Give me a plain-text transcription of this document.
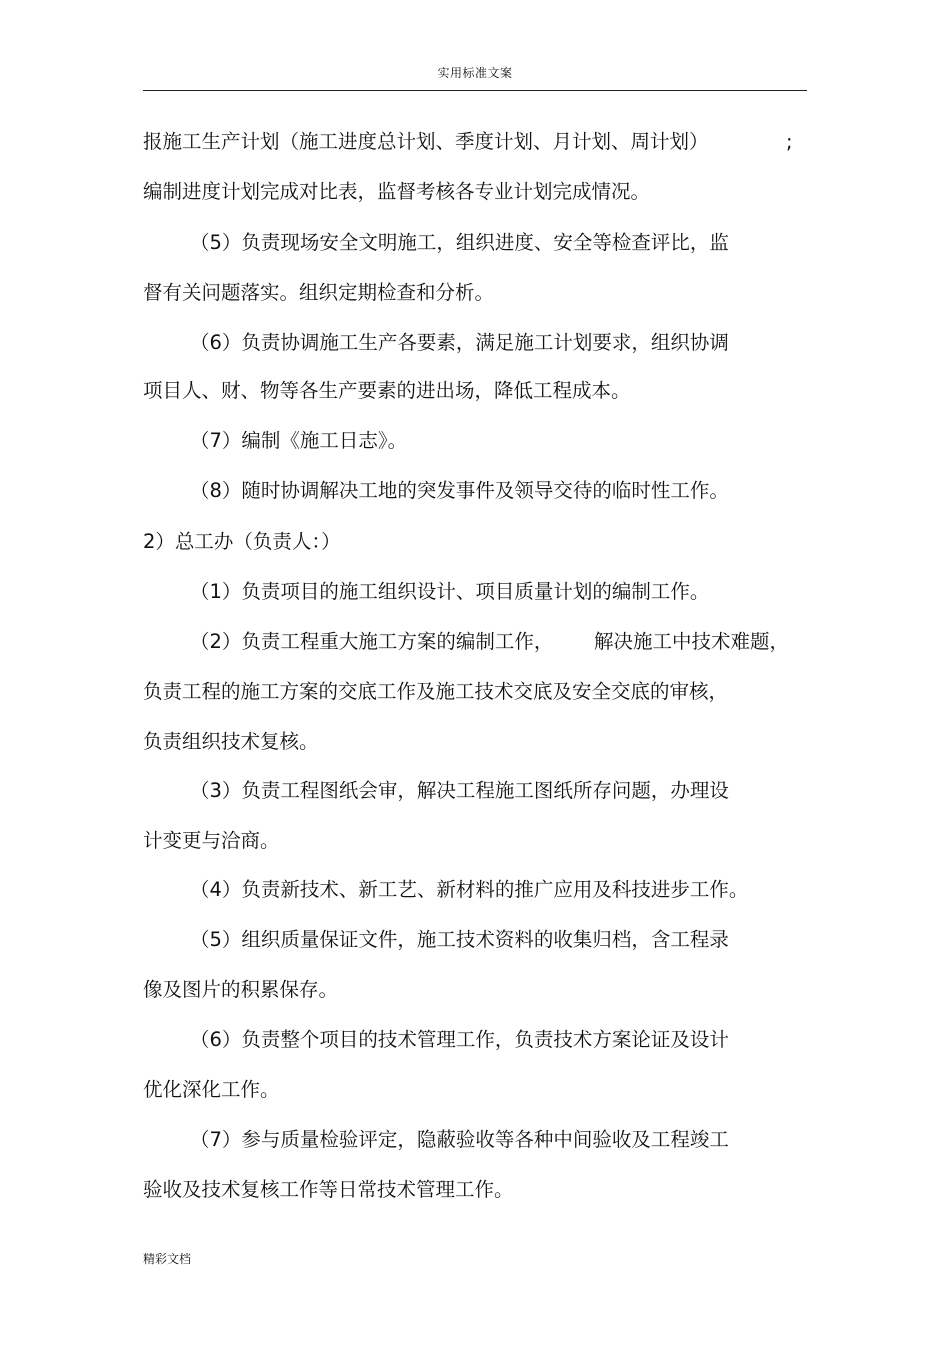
实用标准文案
报施工生产计划（施工进度总计划、季度计划、月计划、周计划）	;
编制进度计划完成对比表，监督考核各专业计划完成情况。
（5）负责现场安全文明施工，组织进度、安全等检查评比，监
督有关问题落实。组织定期检查和分析。
（6）负责协调施工生产各要素，满足施工计划要求，组织协调
项目人、财、物等各生产要素的进出场，降低工程成本。
（7）编制《施工日志》。
（8）随时协调解决工地的突发事件及领导交待的临时性工作。
2）总工办（负责人：）
（1）负责项目的施工组织设计、项目质量计划的编制工作。
（2）负责工程重大施工方案的编制工作， 解决施工中技术难题，
负责工程的施工方案的交底工作及施工技术交底及安全交底的审核，
负责组织技术复核。
（3）负责工程图纸会审，解决工程施工图纸所存问题，办理设
计变更与洽商。
（4）负责新技术、新工艺、新材料的推广应用及科技进步工作。
（5）组织质量保证文件，施工技术资料的收集归档，含工程录
像及图片的积累保存。
（6）负责整个项目的技术管理工作，负责技术方案论证及设计
优化深化工作。
（7）参与质量检验评定，隐蔽验收等各种中间验收及工程竣工
验收及技术复核工作等日常技术管理工作。
精彩文档
